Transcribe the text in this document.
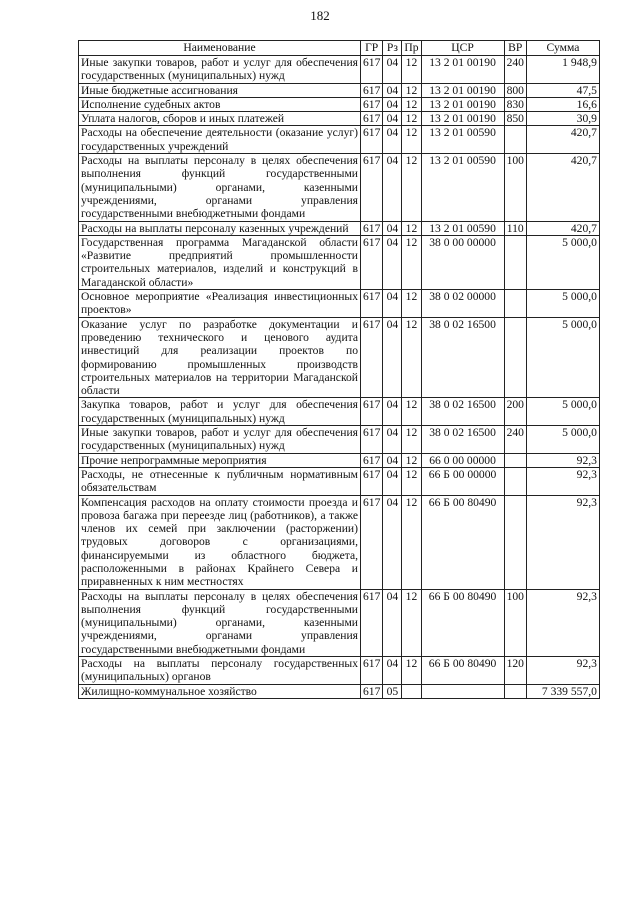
182
Наименование	ГР	Рз	Пр	ЦСР	ВР	Сумма
Иные закупки товаров, работ и услуг для обеспечения государственных (муниципальных) нужд	617	04	12	13 2 01 00190	240	1 948,9
Иные бюджетные ассигнования	617	04	12	13 2 01 00190	800	47,5
Исполнение судебных актов	617	04	12	13 2 01 00190	830	16,6
Уплата налогов, сборов и иных платежей	617	04	12	13 2 01 00190	850	30,9
Расходы на обеспечение деятельности (оказание услуг) государственных учреждений	617	04	12	13 2 01 00590		420,7
Расходы на выплаты персоналу в целях обеспечения выполнения функций государственными (муниципальными) органами, казенными учреждениями, органами управления государственными внебюджетными фондами	617	04	12	13 2 01 00590	100	420,7
Расходы на выплаты персоналу казенных учреждений	617	04	12	13 2 01 00590	110	420,7
Государственная программа Магаданской области «Развитие предприятий промышленности строительных материалов, изделий и конструкций в Магаданской области»	617	04	12	38 0 00 00000		5 000,0
Основное мероприятие «Реализация инвестиционных проектов»	617	04	12	38 0 02 00000		5 000,0
Оказание услуг по разработке документации и проведению технического и ценового аудита инвестиций для реализации проектов по формированию промышленных производств строительных материалов на территории Магаданской области	617	04	12	38 0 02 16500		5 000,0
Закупка товаров, работ и услуг для обеспечения государственных (муниципальных) нужд	617	04	12	38 0 02 16500	200	5 000,0
Иные закупки товаров, работ и услуг для обеспечения государственных (муниципальных) нужд	617	04	12	38 0 02 16500	240	5 000,0
Прочие непрограммные мероприятия	617	04	12	66 0 00 00000		92,3
Расходы, не отнесенные к публичным нормативным обязательствам	617	04	12	66 Б 00 00000		92,3
Компенсация расходов на оплату стоимости проезда и провоза багажа при переезде лиц (работников), а также членов их семей при заключении (расторжении) трудовых договоров с организациями, финансируемыми из областного бюджета, расположенными в районах Крайнего Севера и приравненных к ним местностях	617	04	12	66 Б 00 80490		92,3
Расходы на выплаты персоналу в целях обеспечения выполнения функций государственными (муниципальными) органами, казенными учреждениями, органами управления государственными внебюджетными фондами	617	04	12	66 Б 00 80490	100	92,3
Расходы на выплаты персоналу государственных (муниципальных) органов	617	04	12	66 Б 00 80490	120	92,3
Жилищно-коммунальное хозяйство	617	05				7 339 557,0
